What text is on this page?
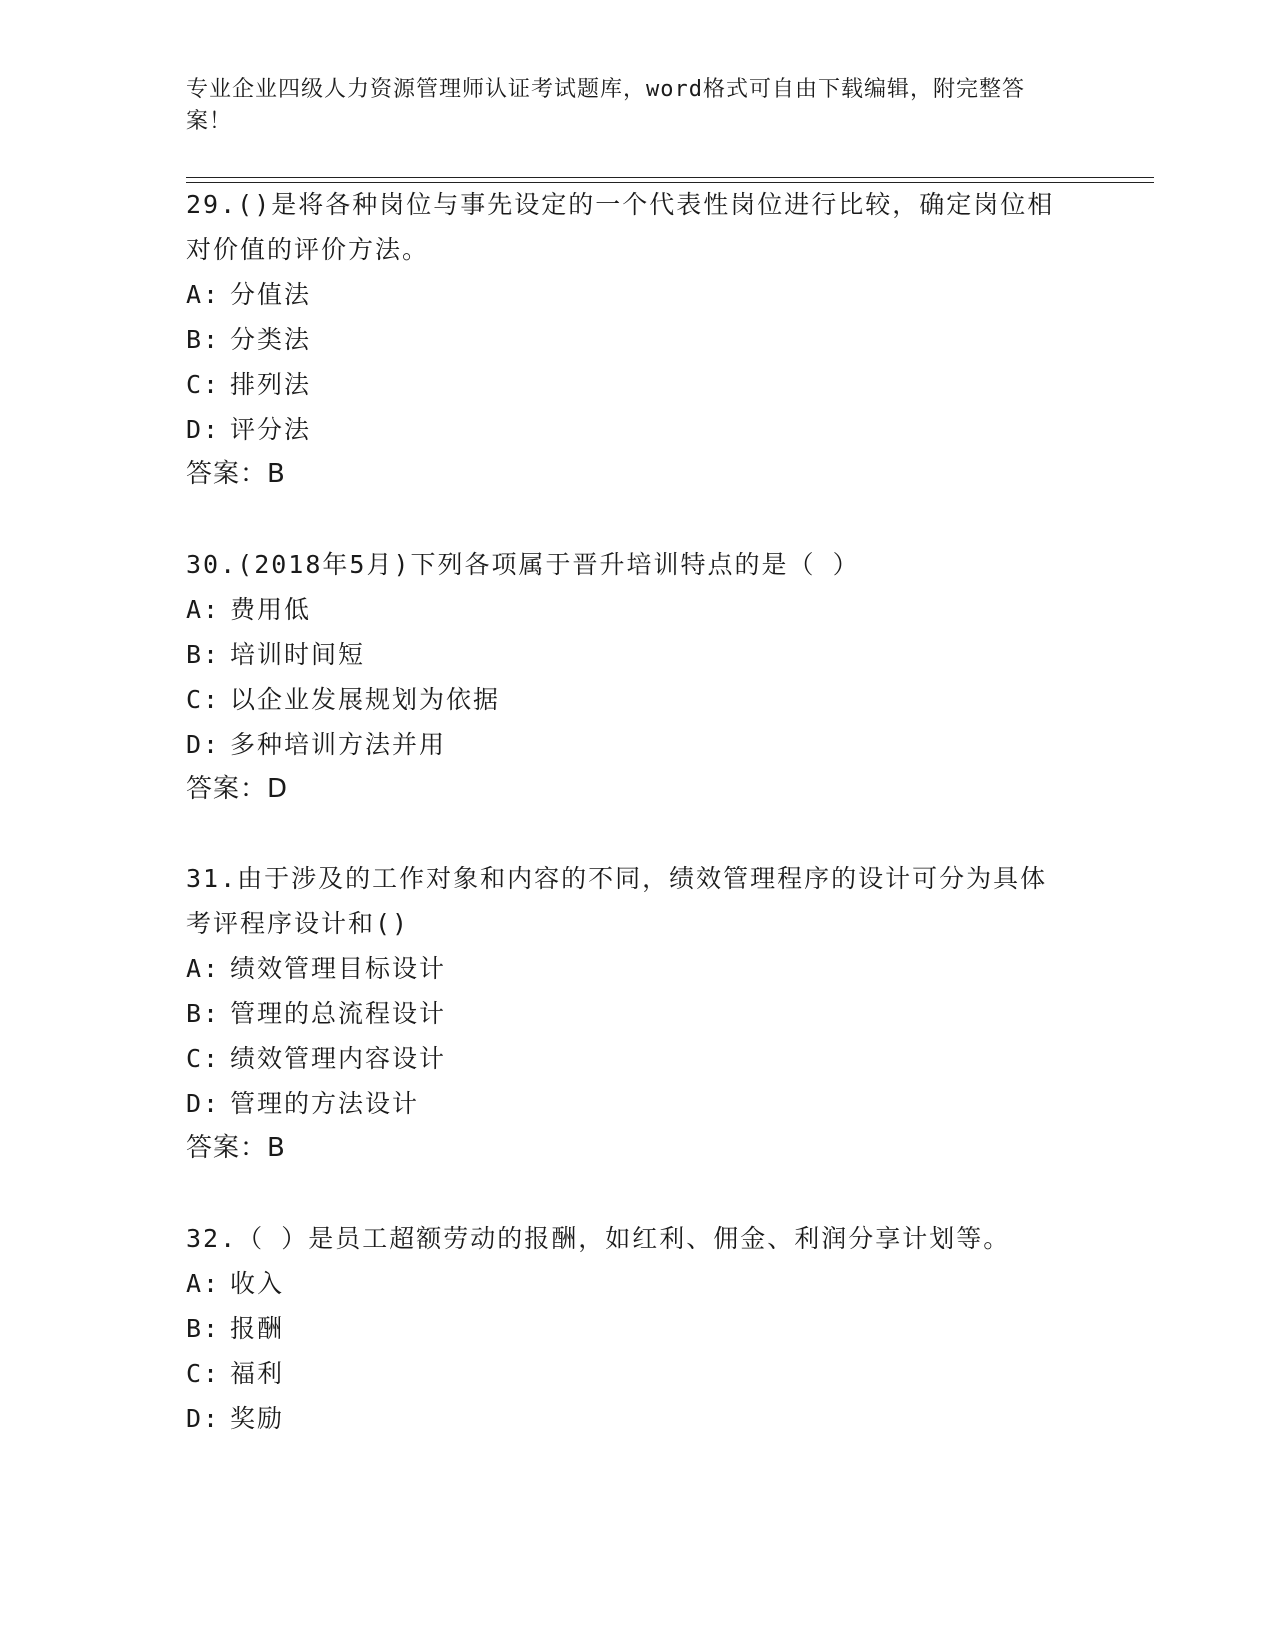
专业企业四级人力资源管理师认证考试题库，word格式可自由下载编辑，附完整答案！

29.()是将各种岗位与事先设定的一个代表性岗位进行比较，确定岗位相对价值的评价方法。

A: 分值法

B: 分类法

C: 排列法

D: 评分法

答案：B

30.(2018年5月)下列各项属于晋升培训特点的是（ ）

A: 费用低

B: 培训时间短

C: 以企业发展规划为依据

D: 多种培训方法并用

答案：D

31.由于涉及的工作对象和内容的不同，绩效管理程序的设计可分为具体考评程序设计和()

A: 绩效管理目标设计

B: 管理的总流程设计

C: 绩效管理内容设计

D: 管理的方法设计

答案：B

32.（ ）是员工超额劳动的报酬，如红利、佣金、利润分享计划等。

A: 收入

B: 报酬

C: 福利

D: 奖励
